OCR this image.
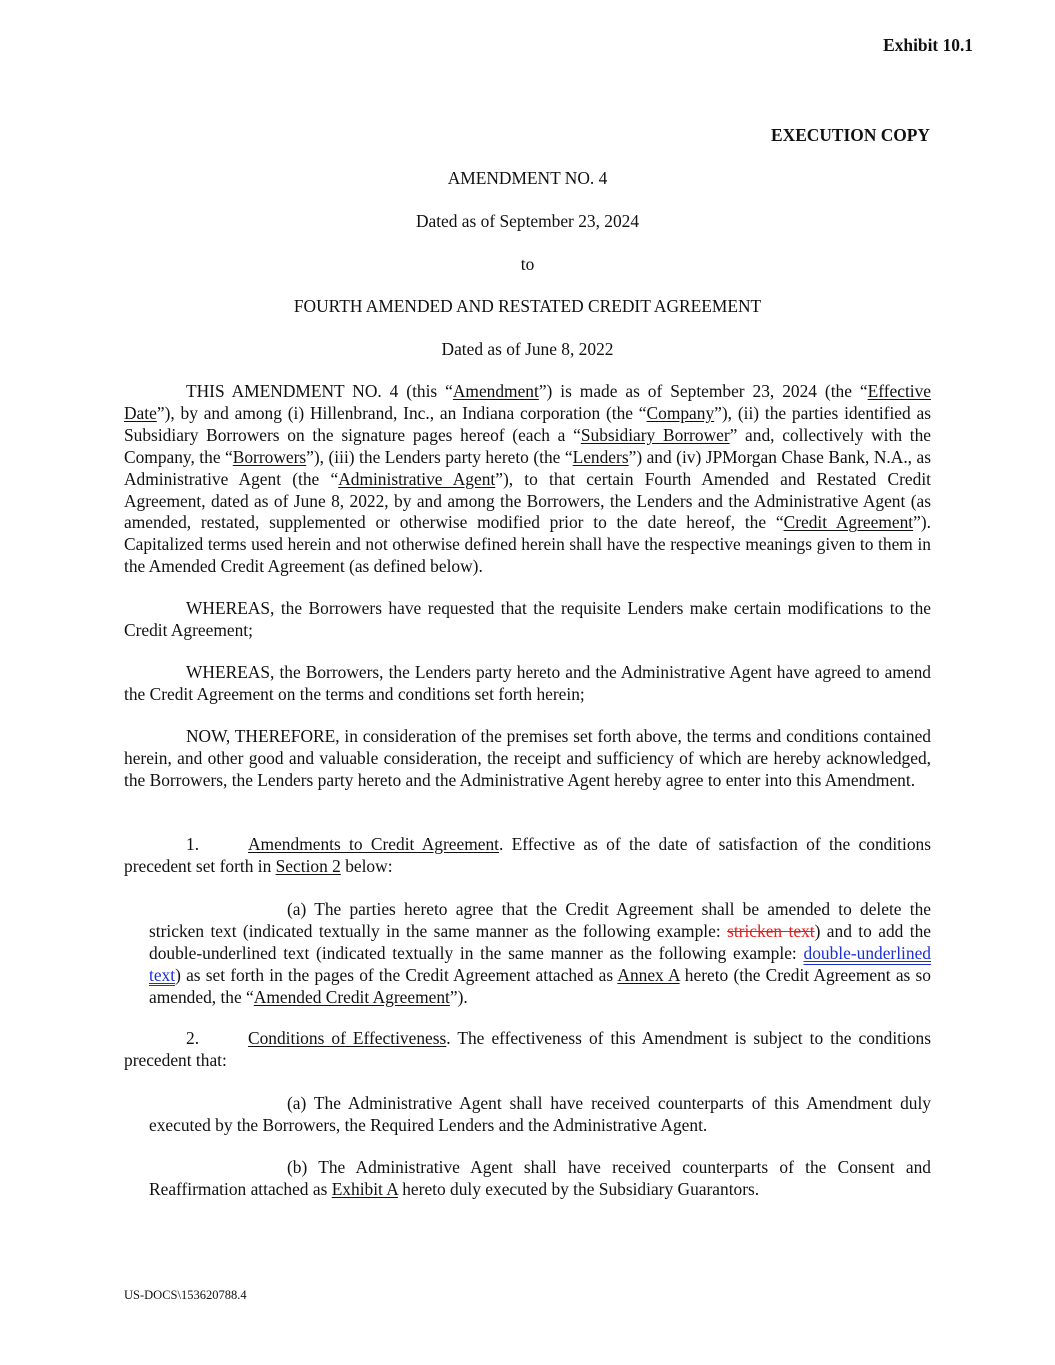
Exhibit 10.1
EXECUTION COPY
AMENDMENT NO. 4
Dated as of September 23, 2024
to
FOURTH AMENDED AND RESTATED CREDIT AGREEMENT
Dated as of June 8, 2022
THIS AMENDMENT NO. 4 (this “Amendment”) is made as of September 23, 2024 (the “Effective Date”), by and among (i) Hillenbrand, Inc., an Indiana corporation (the “Company”), (ii) the parties identified as Subsidiary Borrowers on the signature pages hereof (each a “Subsidiary Borrower” and, collectively with the Company, the “Borrowers”), (iii) the Lenders party hereto (the “Lenders”) and (iv) JPMorgan Chase Bank, N.A., as Administrative Agent (the “Administrative Agent”), to that certain Fourth Amended and Restated Credit Agreement, dated as of June 8, 2022, by and among the Borrowers, the Lenders and the Administrative Agent (as amended, restated, supplemented or otherwise modified prior to the date hereof, the “Credit Agreement”). Capitalized terms used herein and not otherwise defined herein shall have the respective meanings given to them in the Amended Credit Agreement (as defined below).
WHEREAS, the Borrowers have requested that the requisite Lenders make certain modifications to the Credit Agreement;
WHEREAS, the Borrowers, the Lenders party hereto and the Administrative Agent have agreed to amend the Credit Agreement on the terms and conditions set forth herein;
NOW, THEREFORE, in consideration of the premises set forth above, the terms and conditions contained herein, and other good and valuable consideration, the receipt and sufficiency of which are hereby acknowledged, the Borrowers, the Lenders party hereto and the Administrative Agent hereby agree to enter into this Amendment.
1.	Amendments to Credit Agreement. Effective as of the date of satisfaction of the conditions precedent set forth in Section 2 below:
(a) The parties hereto agree that the Credit Agreement shall be amended to delete the stricken text (indicated textually in the same manner as the following example: stricken text) and to add the double-underlined text (indicated textually in the same manner as the following example: double-underlined text) as set forth in the pages of the Credit Agreement attached as Annex A hereto (the Credit Agreement as so amended, the “Amended Credit Agreement”).
2.	Conditions of Effectiveness. The effectiveness of this Amendment is subject to the conditions precedent that:
(a) The Administrative Agent shall have received counterparts of this Amendment duly executed by the Borrowers, the Required Lenders and the Administrative Agent.
(b) The Administrative Agent shall have received counterparts of the Consent and Reaffirmation attached as Exhibit A hereto duly executed by the Subsidiary Guarantors.
US-DOCS\153620788.4
